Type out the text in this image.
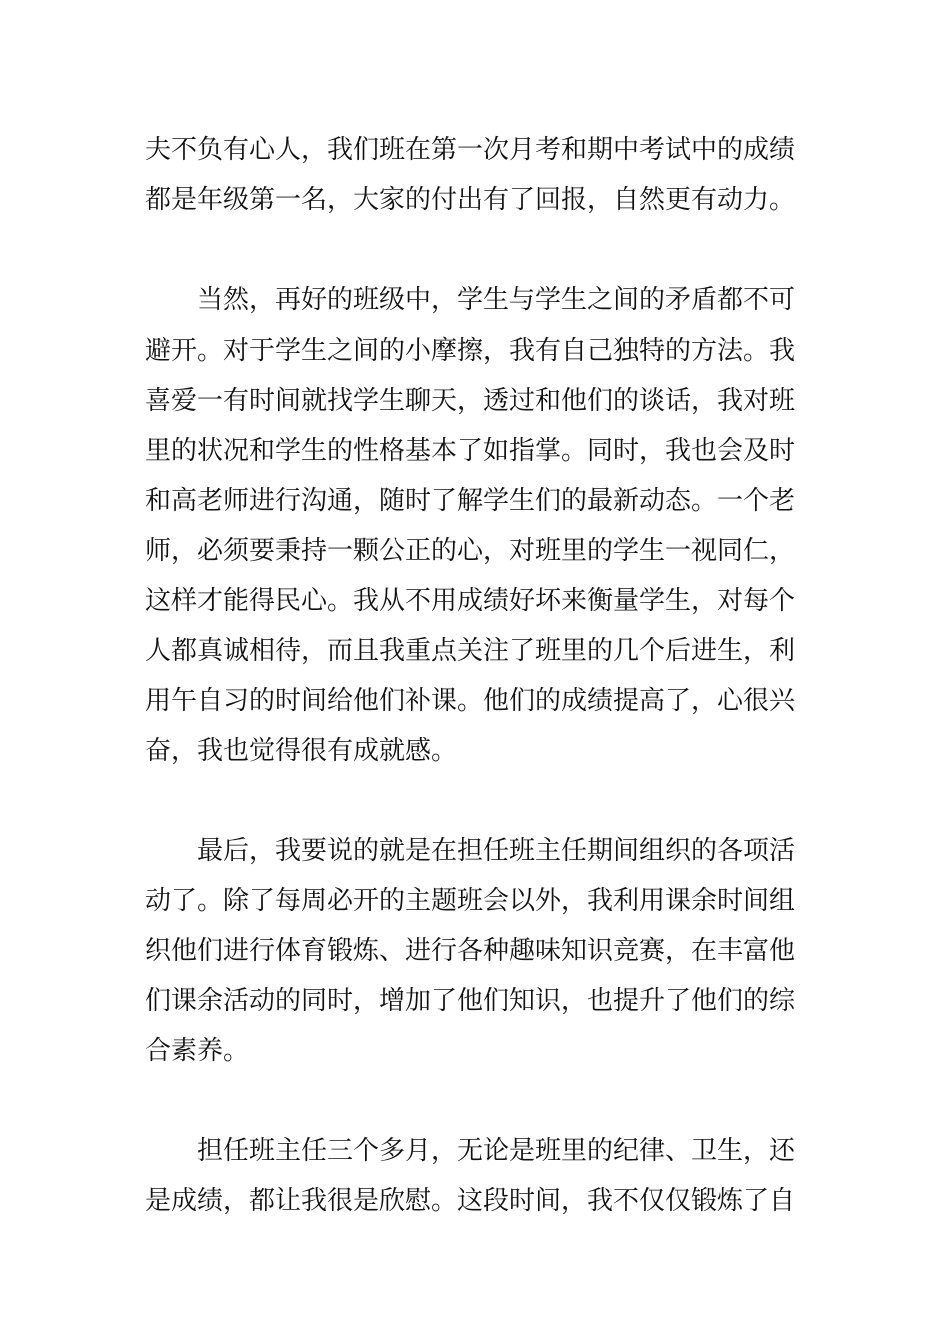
夫不负有心人，我们班在第一次月考和期中考试中的成绩
都是年级第一名，大家的付出有了回报，自然更有动力。
当然，再好的班级中，学生与学生之间的矛盾都不可
避开。对于学生之间的小摩擦，我有自己独特的方法。我
喜爱一有时间就找学生聊天，透过和他们的谈话，我对班
里的状况和学生的性格基本了如指掌。同时，我也会及时
和高老师进行沟通，随时了解学生们的最新动态。一个老
师，必须要秉持一颗公正的心，对班里的学生一视同仁，
这样才能得民心。我从不用成绩好坏来衡量学生，对每个
人都真诚相待，而且我重点关注了班里的几个后进生，利
用午自习的时间给他们补课。他们的成绩提高了，心很兴
奋，我也觉得很有成就感。
最后，我要说的就是在担任班主任期间组织的各项活
动了。除了每周必开的主题班会以外，我利用课余时间组
织他们进行体育锻炼、进行各种趣味知识竞赛，在丰富他
们课余活动的同时，增加了他们知识，也提升了他们的综
合素养。
担任班主任三个多月，无论是班里的纪律、卫生，还
是成绩，都让我很是欣慰。这段时间，我不仅仅锻炼了自
